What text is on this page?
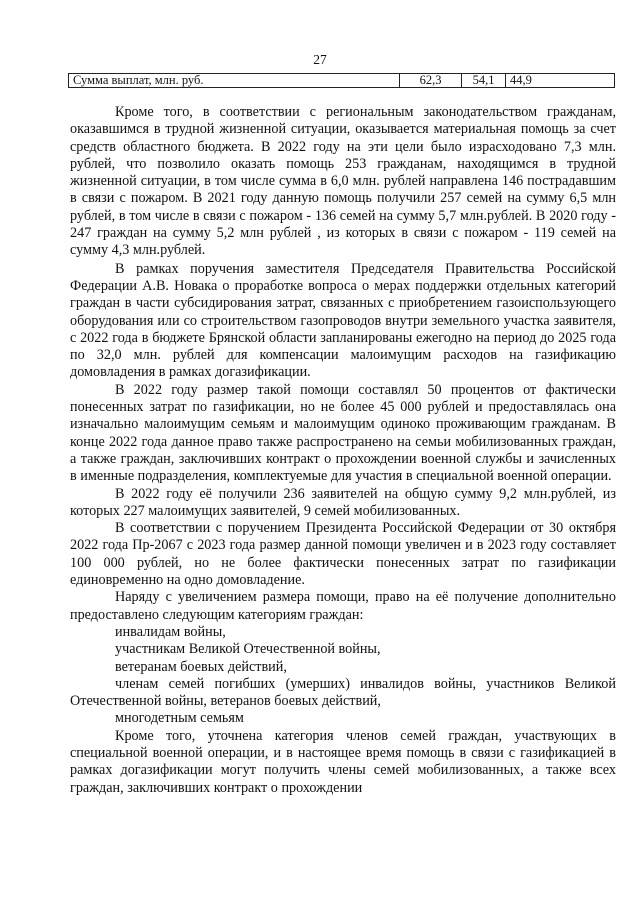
27
Сумма выплат, млн. руб.	62,3	54,1	44,9

Кроме того, в соответствии с региональным законодательством гражданам, оказавшимся в трудной жизненной ситуации, оказывается материальная помощь за счет средств областного бюджета. В 2022 году на эти цели было израсходовано 7,3 млн. рублей, что позволило оказать помощь 253 гражданам, находящимся в трудной жизненной ситуации, в том числе сумма в 6,0 млн. рублей направлена 146 пострадавшим в связи с пожаром. В 2021 году данную помощь получили 257 семей на сумму 6,5 млн рублей, в том числе в связи с пожаром - 136 семей на сумму 5,7 млн.рублей. В 2020 году - 247 граждан на сумму 5,2 млн рублей , из которых в связи с пожаром - 119 семей на сумму 4,3 млн.рублей.

В рамках поручения заместителя Председателя Правительства Российской Федерации А.В. Новака о проработке вопроса о мерах поддержки отдельных категорий граждан в части субсидирования затрат, связанных с приобретением газоиспользующего оборудования или со строительством газопроводов внутри земельного участка заявителя, с 2022 года в бюджете Брянской области запланированы ежегодно на период до 2025 года по 32,0 млн. рублей для компенсации малоимущим расходов на газификацию домовладения в рамках догазификации.

В 2022 году размер такой помощи составлял 50 процентов от фактически понесенных затрат по газификации, но не более 45 000 рублей и предоставлялась она изначально малоимущим семьям и малоимущим одиноко проживающим гражданам. В конце 2022 года данное право также распространено на семьи мобилизованных граждан, а также граждан, заключивших контракт о прохождении военной службы и зачисленных в именные подразделения, комплектуемые для участия в специальной военной операции.

В 2022 году её получили 236 заявителей на общую сумму 9,2 млн.рублей, из которых 227 малоимущих заявителей, 9 семей мобилизованных.

В соответствии с поручением Президента Российской Федерации от 30 октября 2022 года Пр-2067 с 2023 года размер данной помощи увеличен и в 2023 году составляет 100 000 рублей, но не более фактически понесенных затрат по газификации единовременно на одно домовладение.

Наряду с увеличением размера помощи, право на её получение дополнительно предоставлено следующим категориям граждан:

инвалидам войны,

участникам Великой Отечественной войны,

ветеранам боевых действий,

членам семей погибших (умерших) инвалидов войны, участников Великой Отечественной войны, ветеранов боевых действий,

многодетным семьям

Кроме того, уточнена категория членов семей граждан, участвующих в специальной военной операции, и в настоящее время помощь в связи с газификацией в рамках догазификации могут получить члены семей мобилизованных, а также всех граждан, заключивших контракт о прохождении
